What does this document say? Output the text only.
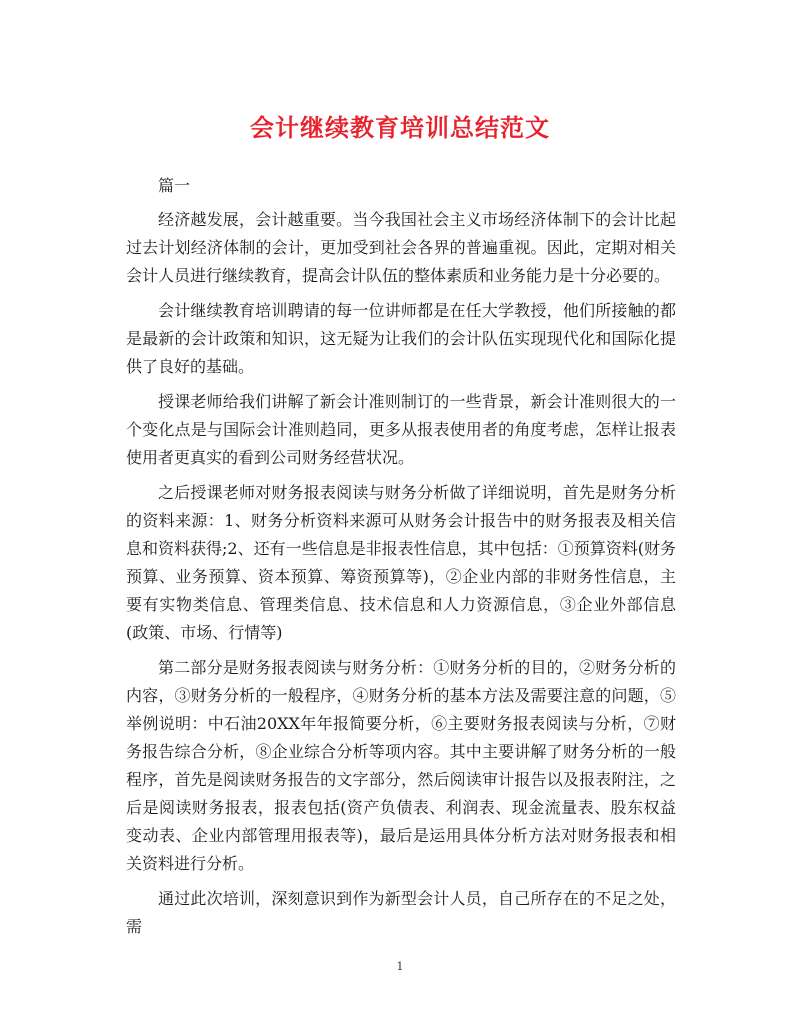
会计继续教育培训总结范文

篇一

经济越发展，会计越重要。当今我国社会主义市场经济体制下的会计比起过去计划经济体制的会计，更加受到社会各界的普遍重视。因此，定期对相关会计人员进行继续教育，提高会计队伍的整体素质和业务能力是十分必要的。

会计继续教育培训聘请的每一位讲师都是在任大学教授，他们所接触的都是最新的会计政策和知识，这无疑为让我们的会计队伍实现现代化和国际化提供了良好的基础。

授课老师给我们讲解了新会计准则制订的一些背景，新会计准则很大的一个变化点是与国际会计准则趋同，更多从报表使用者的角度考虑，怎样让报表使用者更真实的看到公司财务经营状况。

之后授课老师对财务报表阅读与财务分析做了详细说明，首先是财务分析的资料来源：1、财务分析资料来源可从财务会计报告中的财务报表及相关信息和资料获得;2、还有一些信息是非报表性信息，其中包括：①预算资料(财务预算、业务预算、资本预算、筹资预算等)，②企业内部的非财务性信息，主要有实物类信息、管理类信息、技术信息和人力资源信息，③企业外部信息(政策、市场、行情等)

第二部分是财务报表阅读与财务分析：①财务分析的目的，②财务分析的内容，③财务分析的一般程序，④财务分析的基本方法及需要注意的问题，⑤举例说明：中石油20XX年年报简要分析，⑥主要财务报表阅读与分析，⑦财务报告综合分析，⑧企业综合分析等项内容。其中主要讲解了财务分析的一般程序，首先是阅读财务报告的文字部分，然后阅读审计报告以及报表附注，之后是阅读财务报表，报表包括(资产负债表、利润表、现金流量表、股东权益变动表、企业内部管理用报表等)，最后是运用具体分析方法对财务报表和相关资料进行分析。

通过此次培训，深刻意识到作为新型会计人员，自己所存在的不足之处，需

1
